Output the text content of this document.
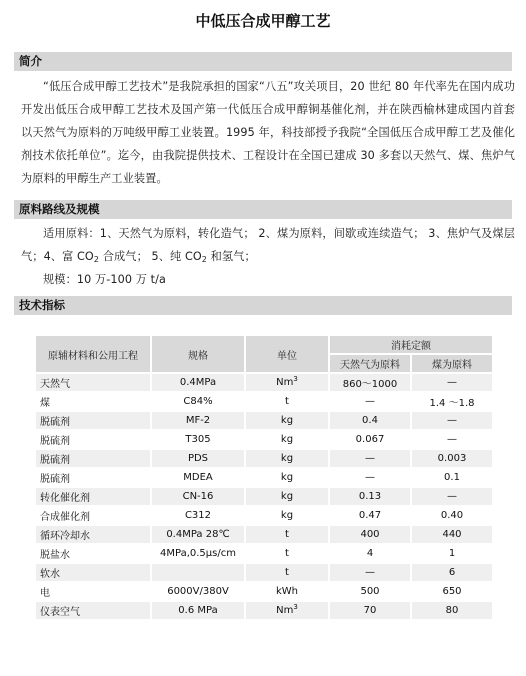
中低压合成甲醇工艺
简介
“低压合成甲醇工艺技术”是我院承担的国家“八五”攻关项目，20 世纪 80 年代率先在国内成功开发出低压合成甲醇工艺技术及国产第一代低压合成甲醇铜基催化剂，并在陕西榆林建成国内首套以天然气为原料的万吨级甲醇工业装置。1995 年，科技部授予我院“全国低压合成甲醇工艺及催化剂技术依托单位”。迄今，由我院提供技术、工程设计在全国已建成 30 多套以天然气、煤、焦炉气为原料的甲醇生产工业装置。
原料路线及规模
适用原料：1、天然气为原料，转化造气； 2、煤为原料，间歇或连续造气； 3、焦炉气及煤层气；4、富 $CO_2$ 合成气； 5、纯 $CO_2$ 和氢气；
规模：10 万-100 万 t/a
技术指标
原辅材料和公用工程	规格	单位	消耗定额	
			天然气为原料	煤为原料
天然气	0.4MPa	Nm$^3$	860～1000	—
煤	C84%	t	—	1.4 ～1.8
脱硫剂	MF-2	kg	0.4	—
脱硫剂	T305	kg	0.067	—
脱硫剂	PDS	kg	—	0.003
脱硫剂	MDEA	kg	—	0.1
转化催化剂	CN-16	kg	0.13	—
合成催化剂	C312	kg	0.47	0.40
循环冷却水	0.4MPa 28℃	t	400	440
脱盐水	4MPa,0.5μs/cm	t	4	1
软水		t	—	6
电	6000V/380V	kWh	500	650
仪表空气	0.6 MPa	Nm$^3$	70	80
